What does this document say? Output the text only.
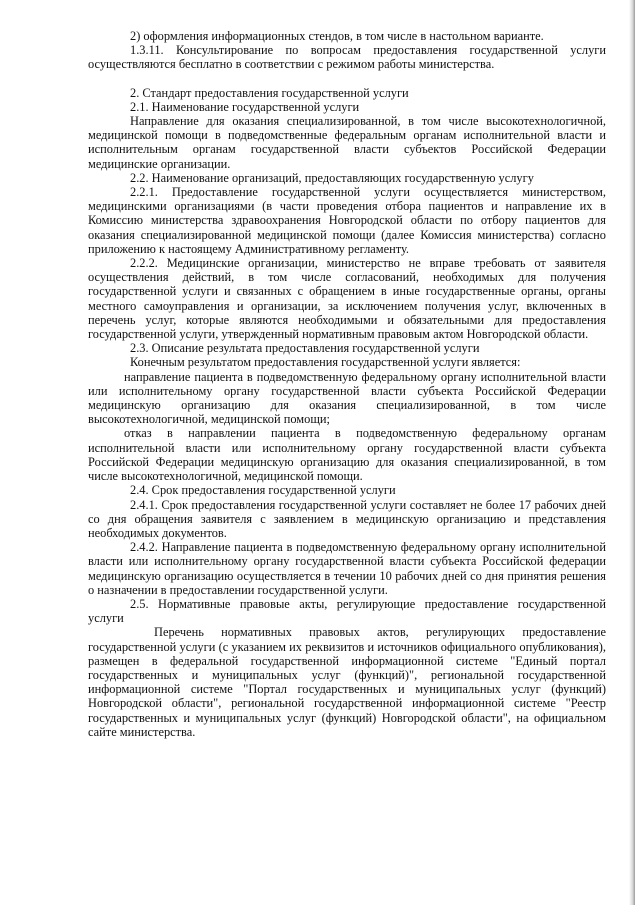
2) оформления информационных стендов, в том числе в настольном варианте.

1.3.11. Консультирование по вопросам предоставления государственной услуги осуществляются бесплатно в соответствии с режимом работы министерства.

2. Стандарт предоставления государственной услуги

2.1. Наименование государственной услуги

Направление для оказания специализированной, в том числе высокотехнологичной, медицинской помощи в подведомственные федеральным органам исполнительной власти и исполнительным органам государственной власти субъектов Российской Федерации медицинские организации.

2.2. Наименование организаций, предоставляющих государственную услугу

2.2.1. Предоставление государственной услуги осуществляется министерством, медицинскими организациями (в части проведения отбора пациентов и направление их в Комиссию министерства здравоохранения Новгородской области по отбору пациентов для оказания специализированной медицинской помощи (далее Комиссия министерства) согласно приложению к настоящему Административному регламенту.

2.2.2. Медицинские организации, министерство не вправе требовать от заявителя осуществления действий, в том числе согласований, необходимых для получения государственной услуги и связанных с обращением в иные государственные органы, органы местного самоуправления и организации, за исключением получения услуг, включенных в перечень услуг, которые являются необходимыми и обязательными для предоставления государственной услуги, утвержденный нормативным правовым актом Новгородской области.

2.3. Описание результата предоставления государственной услуги

Конечным результатом предоставления государственной услуги является:

направление пациента в подведомственную федеральному органу исполнительной власти или исполнительному органу государственной власти субъекта Российской Федерации медицинскую организацию для оказания специализированной, в том числе высокотехнологичной, медицинской помощи;

отказ в направлении пациента в подведомственную федеральному органам исполнительной власти или исполнительному органу государственной власти субъекта Российской Федерации медицинскую организацию для оказания специализированной, в том числе высокотехнологичной, медицинской помощи.

2.4. Срок предоставления государственной услуги

2.4.1. Срок предоставления государственной услуги составляет не более 17 рабочих дней со дня обращения заявителя с заявлением в медицинскую организацию и представления необходимых документов.

2.4.2. Направление пациента в подведомственную федеральному органу исполнительной власти или исполнительному органу государственной власти субъекта Российской федерации медицинскую организацию осуществляется в течении 10 рабочих дней со дня принятия решения о назначении в предоставлении государственной услуги.

2.5. Нормативные правовые акты, регулирующие предоставление государственной услуги

Перечень нормативных правовых актов, регулирующих предоставление государственной услуги (с указанием их реквизитов и источников официального опубликования), размещен в федеральной государственной информационной системе "Единый портал государственных и муниципальных услуг (функций)", региональной государственной информационной системе "Портал государственных и муниципальных услуг (функций) Новгородской области", региональной государственной информационной системе "Реестр государственных и муниципальных услуг (функций) Новгородской области", на официальном сайте министерства.
